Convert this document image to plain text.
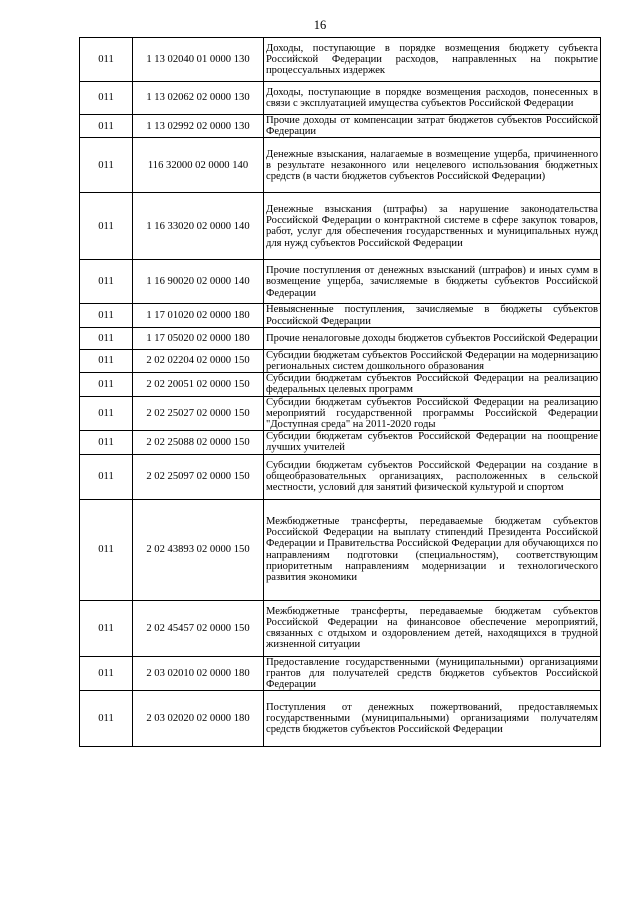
16
011	1 13 02040 01 0000 130	Доходы, поступающие в порядке возмещения бюджету субъекта Российской Федерации расходов, направленных на покрытие процессуальных издержек
011	1 13 02062 02 0000 130	Доходы, поступающие в порядке возмещения расходов, понесенных в связи с эксплуатацией имущества субъектов Российской Федерации
011	1 13 02992 02 0000 130	Прочие доходы от компенсации затрат бюджетов субъектов Российской Федерации
011	116 32000 02 0000 140	Денежные взыскания, налагаемые в возмещение ущерба, причиненного в результате незаконного или нецелевого использования бюджетных средств (в части бюджетов субъектов Российской Федерации)
011	1 16 33020 02 0000 140	Денежные взыскания (штрафы) за нарушение законодательства Российской Федерации о контрактной системе в сфере закупок товаров, работ, услуг для обеспечения государственных и муниципальных нужд для нужд субъектов Российской Федерации
011	1 16 90020 02 0000 140	Прочие поступления от денежных взысканий (штрафов) и иных сумм в возмещение ущерба, зачисляемые в бюджеты субъектов Российской Федерации
011	1 17 01020 02 0000 180	Невыясненные поступления, зачисляемые в бюджеты субъектов Российской Федерации
011	1 17 05020 02 0000 180	Прочие неналоговые доходы бюджетов субъектов Российской Федерации
011	2 02 02204 02 0000 150	Субсидии бюджетам субъектов Российской Федерации на модернизацию региональных систем дошкольного образования
011	2 02 20051 02 0000 150	Субсидии бюджетам субъектов Российской Федерации на реализацию федеральных целевых программ
011	2 02 25027 02 0000 150	Субсидии бюджетам субъектов Российской Федерации на реализацию мероприятий государственной программы Российской Федерации "Доступная среда" на 2011-2020 годы
011	2 02 25088 02 0000 150	Субсидии бюджетам субъектов Российской Федерации на поощрение лучших учителей
011	2 02 25097 02 0000 150	Субсидии бюджетам субъектов Российской Федерации на создание в общеобразовательных организациях, расположенных в сельской местности, условий для занятий физической культурой и спортом
011	2 02 43893 02 0000 150	Межбюджетные трансферты, передаваемые бюджетам субъектов Российской Федерации на выплату стипендий Президента Российской Федерации и Правительства Российской Федерации для обучающихся по направлениям подготовки (специальностям), соответствующим приоритетным направлениям модернизации и технологического развития экономики
011	2 02 45457 02 0000 150	Межбюджетные трансферты, передаваемые бюджетам субъектов Российской Федерации на финансовое обеспечение мероприятий, связанных с отдыхом и оздоровлением детей, находящихся в трудной жизненной ситуации
011	2 03 02010 02 0000 180	Предоставление государственными (муниципальными) организациями грантов для получателей средств бюджетов субъектов Российской Федерации
011	2 03 02020 02 0000 180	Поступления от денежных пожертвований, предоставляемых государственными (муниципальными) организациями получателям средств бюджетов субъектов Российской Федерации
